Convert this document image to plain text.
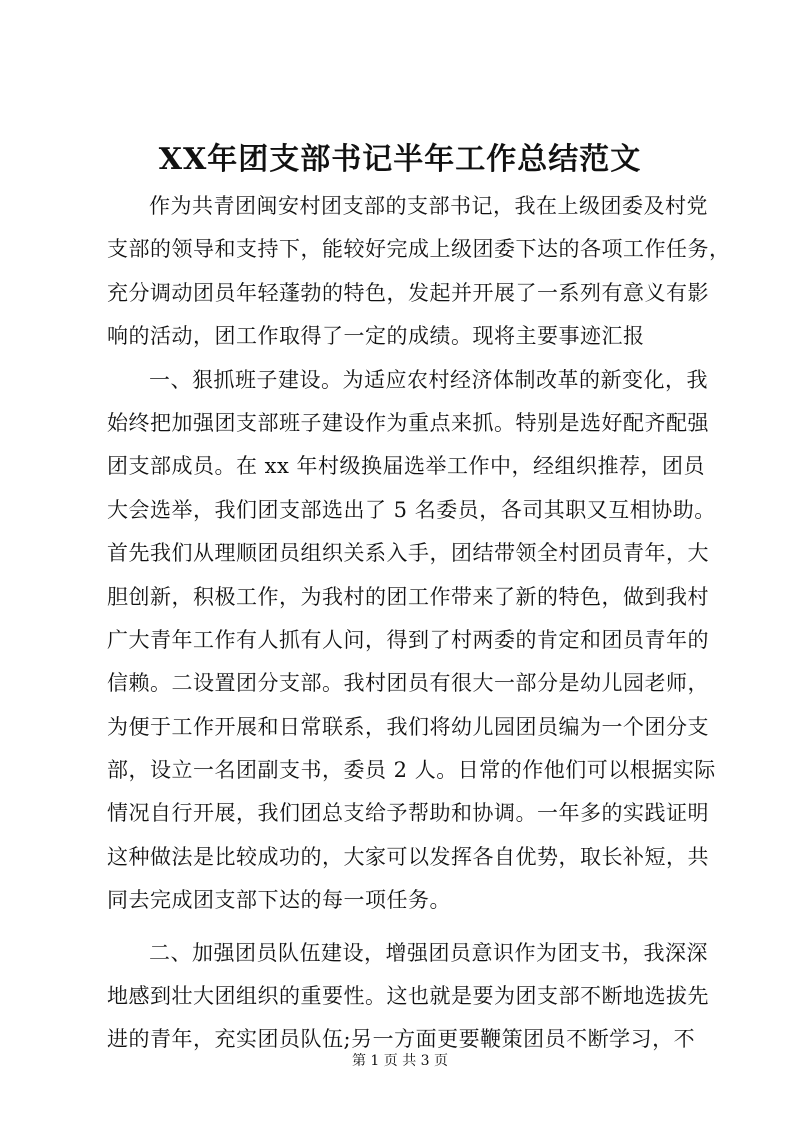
XX年团支部书记半年工作总结范文
作为共青团闽安村团支部的支部书记，我在上级团委及村党
支部的领导和支持下，能较好完成上级团委下达的各项工作任务，
充分调动团员年轻蓬勃的特色，发起并开展了一系列有意义有影
响的活动，团工作取得了一定的成绩。现将主要事迹汇报
一、狠抓班子建设。为适应农村经济体制改革的新变化，我
始终把加强团支部班子建设作为重点来抓。特别是选好配齐配强
团支部成员。在 xx 年村级换届选举工作中，经组织推荐，团员
大会选举，我们团支部选出了 5 名委员，各司其职又互相协助。
首先我们从理顺团员组织关系入手，团结带领全村团员青年，大
胆创新，积极工作，为我村的团工作带来了新的特色，做到我村
广大青年工作有人抓有人问，得到了村两委的肯定和团员青年的
信赖。二设置团分支部。我村团员有很大一部分是幼儿园老师，
为便于工作开展和日常联系，我们将幼儿园团员编为一个团分支
部，设立一名团副支书，委员 2 人。日常的作他们可以根据实际
情况自行开展，我们团总支给予帮助和协调。一年多的实践证明
这种做法是比较成功的，大家可以发挥各自优势，取长补短，共
同去完成团支部下达的每一项任务。
二、加强团员队伍建设，增强团员意识作为团支书，我深深
地感到壮大团组织的重要性。这也就是要为团支部不断地选拔先
进的青年，充实团员队伍;另一方面更要鞭策团员不断学习，不
第 1 页 共 3 页
